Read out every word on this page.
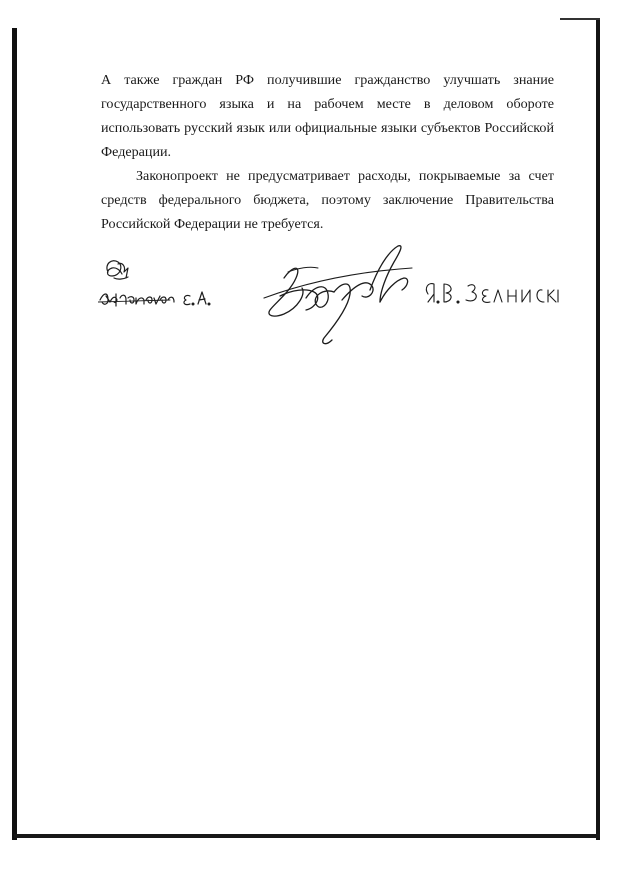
А также граждан РФ получившие гражданство улучшать знание государственного языка и на рабочем месте в деловом обороте использовать русский язык или официальные языки субъектов Российской Федерации.

Законопроект не предусматривает расходы, покрываемые за счет средств федерального бюджета, поэтому заключение Правительства Российской Федерации не требуется.
